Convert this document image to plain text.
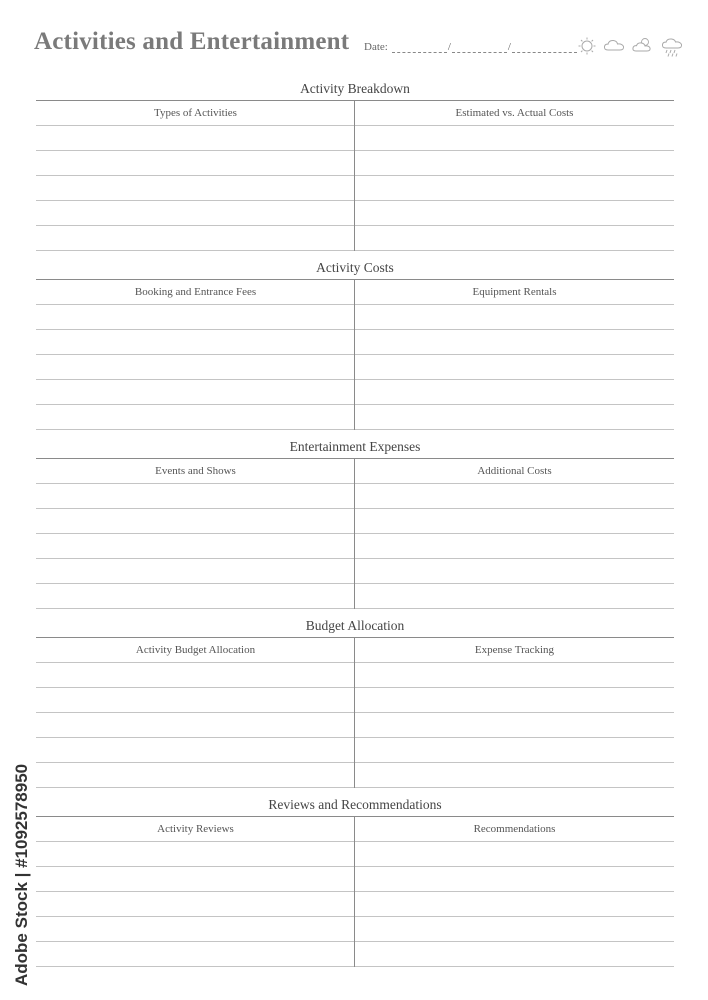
Activities and Entertainment Date:	/	/
Activity Breakdown
Types of Activities	Estimated vs. Actual Costs
Activity Costs
Booking and Entrance Fees	Equipment Rentals
Entertainment Expenses
Events and Shows	Additional Costs
Budget Allocation
Activity Budget Allocation	Expense Tracking
Reviews and Recommendations
Activity Reviews	Recommendations
Adobe Stock | #1092578950
